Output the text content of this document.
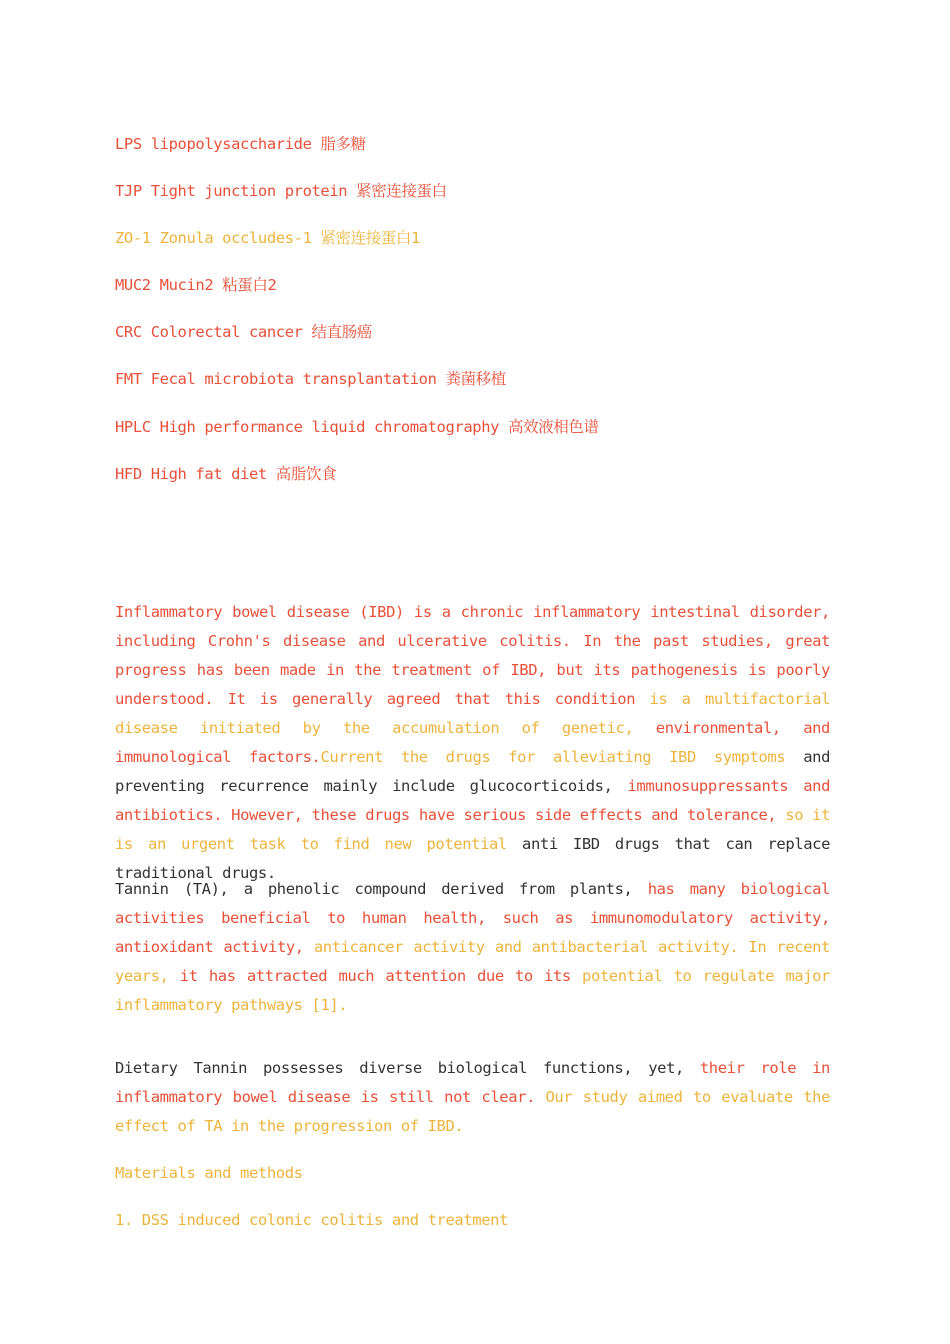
LPS lipopolysaccharide 脂多糖
TJP Tight junction protein 紧密连接蛋白
ZO-1 Zonula occludes-1 紧密连接蛋白1
MUC2 Mucin2 粘蛋白2
CRC Colorectal cancer 结直肠癌
FMT Fecal microbiota transplantation 粪菌移植
HPLC High performance liquid chromatography 高效液相色谱
HFD High fat diet 高脂饮食

Inflammatory bowel disease (IBD) is a chronic inflammatory intestinal disorder, including Crohn's disease and ulcerative colitis. In the past studies, great progress has been made in the treatment of IBD, but its pathogenesis is poorly understood. It is generally agreed that this condition is a multifactorial disease initiated by the accumulation of genetic, environmental, and immunological factors.Current the drugs for alleviating IBD symptoms and preventing recurrence mainly include glucocorticoids, immunosuppressants and antibiotics. However, these drugs have serious side effects and tolerance, so it is an urgent task to find new potential anti IBD drugs that can replace traditional drugs.

Tannin (TA), a phenolic compound derived from plants, has many biological activities beneficial to human health, such as immunomodulatory activity, antioxidant activity, anticancer activity and antibacterial activity. In recent years, it has attracted much attention due to its potential to regulate major inflammatory pathways [1].

Dietary Tannin possesses diverse biological functions, yet, their role in inflammatory bowel disease is still not clear. Our study aimed to evaluate the effect of TA in the progression of IBD.

Materials and methods
1. DSS induced colonic colitis and treatment
